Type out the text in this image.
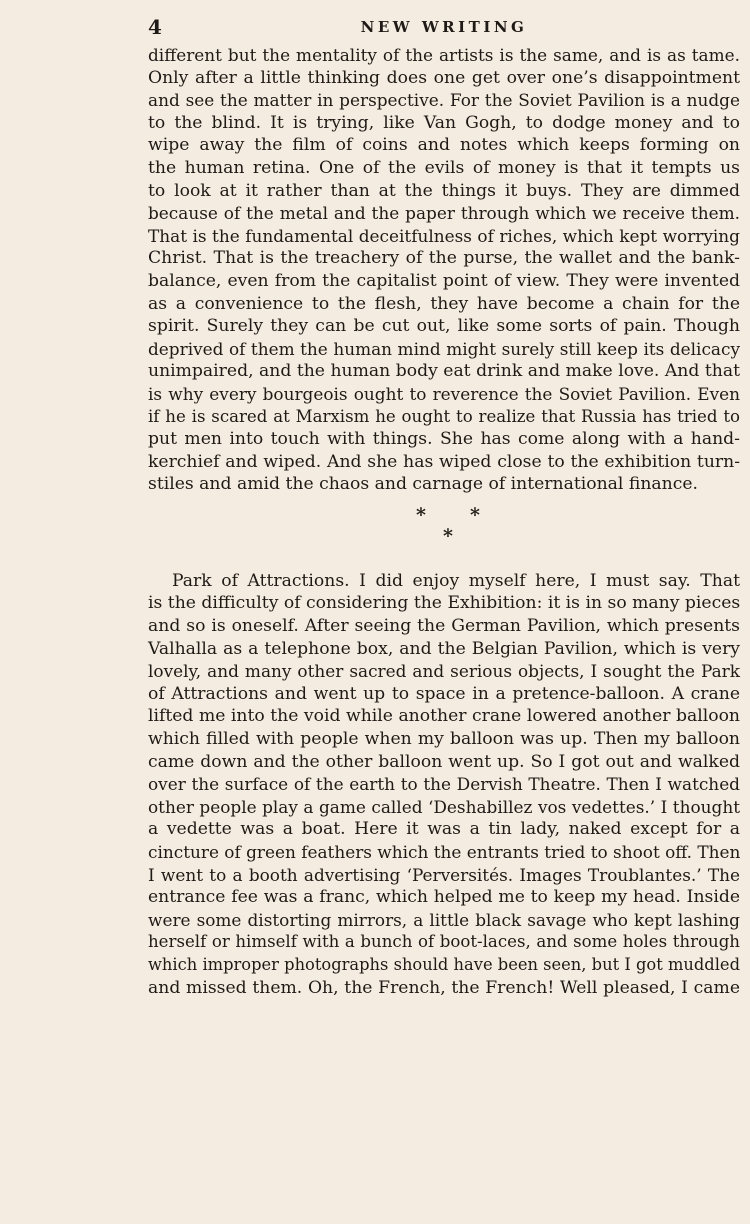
4	NEW WRITING
different but the mentality of the artists is the same, and is as tame.
Only after a little thinking does one get over one’s disappointment
and see the matter in perspective. For the Soviet Pavilion is a nudge
to the blind. It is trying, like Van Gogh, to dodge money and to
wipe away the film of coins and notes which keeps forming on
the human retina. One of the evils of money is that it tempts us
to look at it rather than at the things it buys. They are dimmed
because of the metal and the paper through which we receive them.
That is the fundamental deceitfulness of riches, which kept worrying
Christ. That is the treachery of the purse, the wallet and the bank-
balance, even from the capitalist point of view. They were invented
as a convenience to the flesh, they have become a chain for the
spirit. Surely they can be cut out, like some sorts of pain. Though
deprived of them the human mind might surely still keep its delicacy
unimpaired, and the human body eat drink and make love. And that
is why every bourgeois ought to reverence the Soviet Pavilion. Even
if he is scared at Marxism he ought to realize that Russia has tried to
put men into touch with things. She has come along with a hand-
kerchief and wiped. And she has wiped close to the exhibition turn-
stiles and amid the chaos and carnage of international finance.
* *
*
Park of Attractions. I did enjoy myself here, I must say. That
is the difficulty of considering the Exhibition: it is in so many pieces
and so is oneself. After seeing the German Pavilion, which presents
Valhalla as a telephone box, and the Belgian Pavilion, which is very
lovely, and many other sacred and serious objects, I sought the Park
of Attractions and went up to space in a pretence-balloon. A crane
lifted me into the void while another crane lowered another balloon
which filled with people when my balloon was up. Then my balloon
came down and the other balloon went up. So I got out and walked
over the surface of the earth to the Dervish Theatre. Then I watched
other people play a game called ‘Deshabillez vos vedettes.’ I thought
a vedette was a boat. Here it was a tin lady, naked except for a
cincture of green feathers which the entrants tried to shoot off. Then
I went to a booth advertising ‘Perversités. Images Troublantes.’ The
entrance fee was a franc, which helped me to keep my head. Inside
were some distorting mirrors, a little black savage who kept lashing
herself or himself with a bunch of boot-laces, and some holes through
which improper photographs should have been seen, but I got muddled
and missed them. Oh, the French, the French! Well pleased, I came
